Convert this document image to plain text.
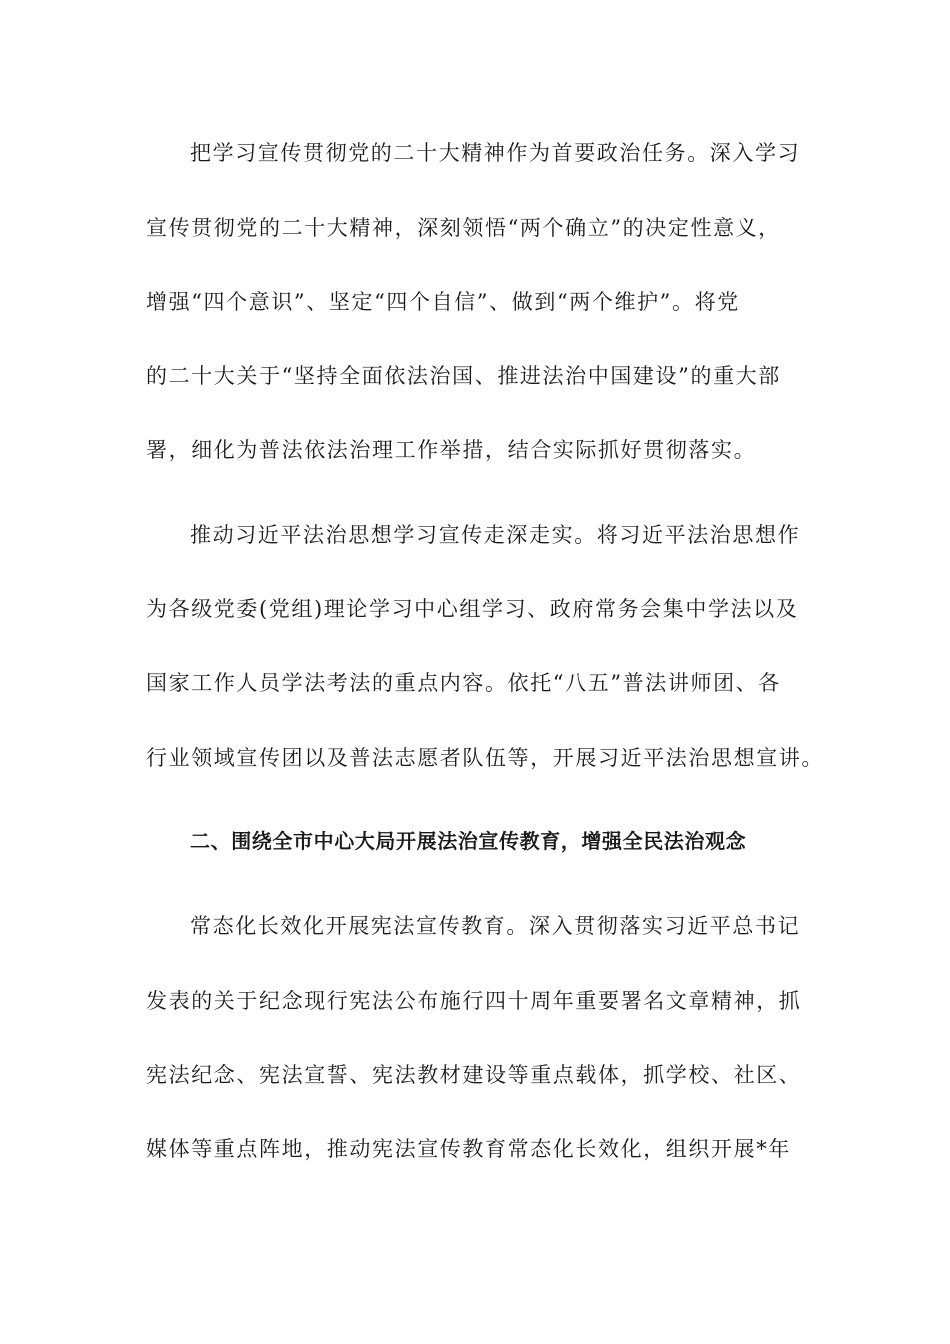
把学习宣传贯彻党的二十大精神作为首要政治任务。深入学习
宣传贯彻党的二十大精神，深刻领悟“两个确立”的决定性意义，
增强“四个意识”、坚定“四个自信”、做到“两个维护”。将党
的二十大关于“坚持全面依法治国、推进法治中国建设”的重大部
署，细化为普法依法治理工作举措，结合实际抓好贯彻落实。
推动习近平法治思想学习宣传走深走实。将习近平法治思想作
为各级党委(党组)理论学习中心组学习、政府常务会集中学法以及
国家工作人员学法考法的重点内容。依托“八五”普法讲师团、各
行业领域宣传团以及普法志愿者队伍等，开展习近平法治思想宣讲。
二、围绕全市中心大局开展法治宣传教育，增强全民法治观念
常态化长效化开展宪法宣传教育。深入贯彻落实习近平总书记
发表的关于纪念现行宪法公布施行四十周年重要署名文章精神，抓
宪法纪念、宪法宣誓、宪法教材建设等重点载体，抓学校、社区、
媒体等重点阵地，推动宪法宣传教育常态化长效化，组织开展*年
